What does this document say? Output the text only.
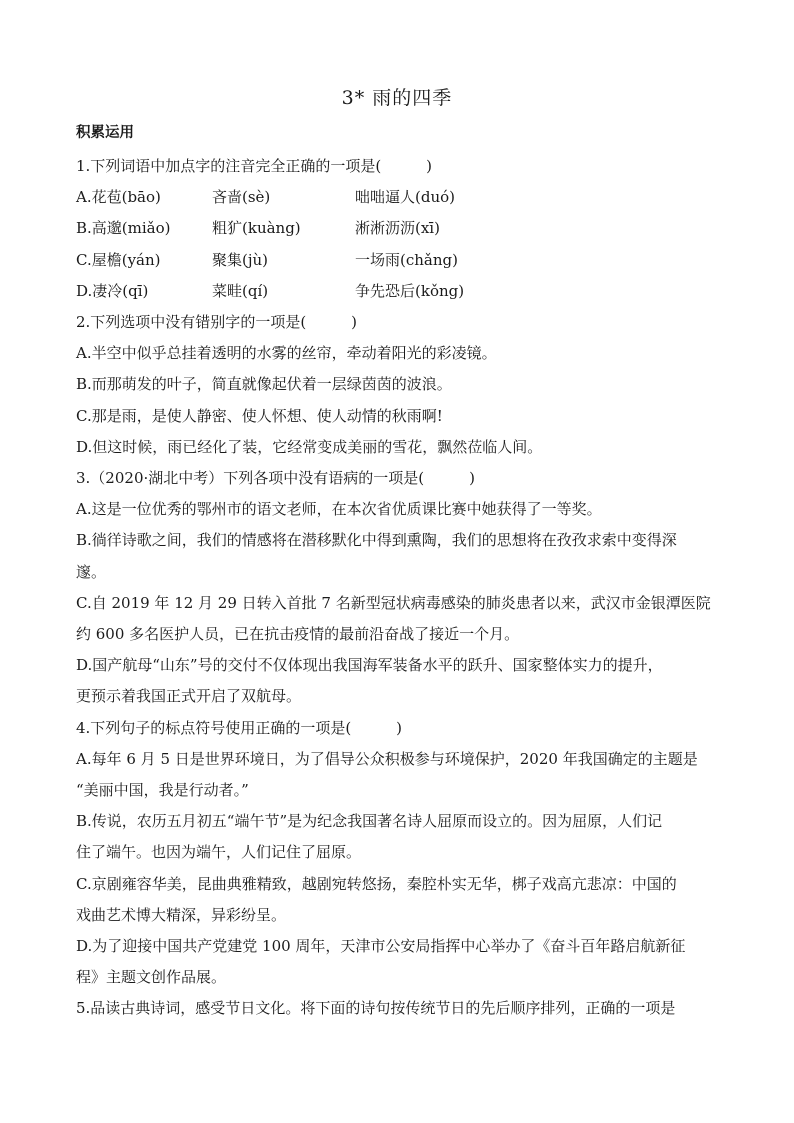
3* 雨的四季
积累运用

1.下列词语中加点字的注音完全正确的一项是(　　　)

A.花苞(bāo)	吝啬(sè)	咄咄逼人(duó)
B.高邈(miǎo)	粗犷(kuàng)	淅淅沥沥(xī)
C.屋檐(yán)	聚集(jù)	一场雨(chǎng)
D.凄冷(qī)	菜畦(qí)	争先恐后(kǒng)

2.下列选项中没有错别字的一项是(　　　)

A.半空中似乎总挂着透明的水雾的丝帘，牵动着阳光的彩凌镜。

B.而那萌发的叶子，简直就像起伏着一层绿茵茵的波浪。

C.那是雨，是使人静密、使人怀想、使人动情的秋雨啊!

D.但这时候，雨已经化了装，它经常变成美丽的雪花，飘然莅临人间。

3.（2020·湖北中考）下列各项中没有语病的一项是(　　　)

A.这是一位优秀的鄂州市的语文老师，在本次省优质课比赛中她获得了一等奖。

B.徜徉诗歌之间，我们的情感将在潜移默化中得到熏陶，我们的思想将在孜孜求索中变得深

邃。

C.自 2019 年 12 月 29 日转入首批 7 名新型冠状病毒感染的肺炎患者以来，武汉市金银潭医院

约 600 多名医护人员，已在抗击疫情的最前沿奋战了接近一个月。

D.国产航母“山东”号的交付不仅体现出我国海军装备水平的跃升、国家整体实力的提升，

更预示着我国正式开启了双航母。

4.下列句子的标点符号使用正确的一项是(　　　)

A.每年 6 月 5 日是世界环境日，为了倡导公众积极参与环境保护，2020 年我国确定的主题是

“美丽中国，我是行动者。”

B.传说，农历五月初五“端午节”是为纪念我国著名诗人屈原而设立的。因为屈原，人们记

住了端午。也因为端午，人们记住了屈原。

C.京剧雍容华美，昆曲典雅精致，越剧宛转悠扬，秦腔朴实无华，梆子戏高亢悲凉：中国的

戏曲艺术博大精深，异彩纷呈。

D.为了迎接中国共产党建党 100 周年，天津市公安局指挥中心举办了《奋斗百年路启航新征

程》主题文创作品展。

5.品读古典诗词，感受节日文化。将下面的诗句按传统节日的先后顺序排列，正确的一项是
